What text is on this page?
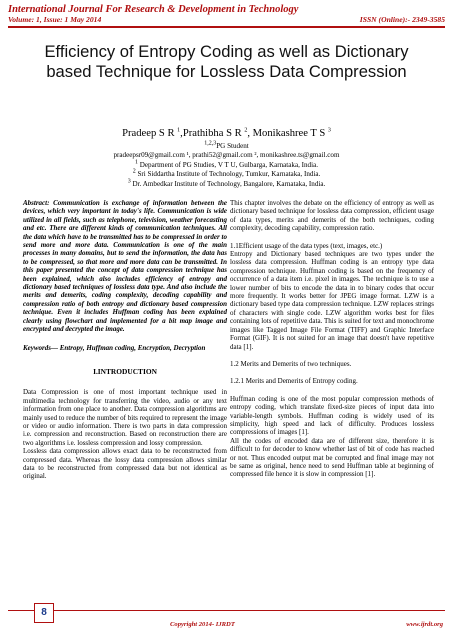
International Journal For Research & Development in Technology
Volume: 1, Issue: 1 May 2014	ISSN (Online):- 2349-3585
Efficiency of Entropy Coding as well as Dictionary based Technique for Lossless Data Compression
Pradeep S R $^1$,Prathibha S R $^2$, Monikashree T S $^3$
$^{1,2,3}$PG Student
pradeepsr09@gmail.com ¹, prathi52@gmail.com ², monikashree.ts@gmail.com
$^1$ Department of PG Studies, V T U, Gulbarga, Karnataka, India.
$^2$ Sri Siddartha Institute of Technology, Tumkur, Karnataka, India.
$^3$ Dr. Ambedkar Institute of Technology, Bangalore, Karnataka, India.

Abstract: Communication is exchange of information between the devices, which very important in today's life. Communication is wide utilized in all fields, such as telephone, television, weather forecasting and etc. There are different kinds of communication techniques. All the data which have to be transmitted has to be compressed in order to send more and more data. Communication is one of the main processes in many domains, but to send the information, the data has to be compressed, so that more and more data can be transmitted. In this paper presented the concept of data compression technique has been explained, which also includes efficiency of entropy and dictionary based techniques of lossless data type. And also include the merits and demerits, coding complexity, decoding capability and compression ratio of both entropy and dictionary based compression technique. Even it includes Huffman coding has been explained clearly using flowchart and implemented for a bit map image and encrypted and decrypted the image.

Keywords— Entropy, Huffman coding, Encryption, Decryption

I.INTRODUCTION

Data Compression is one of most important technique used in multimedia technology for transferring the video, audio or any text information from one place to another. Data compression algorithms are mainly used to reduce the number of bits required to represent the image or video or audio information. There is two parts in data compression i.e. compression and reconstruction. Based on reconstruction there are two algorithms i.e. lossless compression and lossy compression.

Lossless data compression allows exact data to be reconstructed from compressed data. Whereas the lossy data compression allows similar data to be reconstructed from compressed data but not identical as original.

This chapter involves the debate on the efficiency of entropy as well as dictionary based technique for lossless data compression, efficient usage of data types, merits and demerits of the both techniques, coding complexity, decoding capability, compression ratio.

1.1Efficient usage of the data types (text, images, etc.)

Entropy and Dictionary based techniques are two types under the lossless data compression. Huffman coding is an entropy type data compression technique. Huffman coding is based on the frequency of occurrence of a data item i.e. pixel in images. The technique is to use a lower number of bits to encode the data in to binary codes that occur more frequently. It works better for JPEG image format. LZW is a dictionary based type data compression technique. LZW replaces strings of characters with single code. LZW algorithm works best for files containing lots of repetitive data. This is suited for text and monochrome images like Tagged Image File Format (TIFF) and Graphic Interface Format (GIF). It is not suited for an image that doesn't have repetitive data [1].

1.2 Merits and Demerits of two techniques.

1.2.1 Merits and Demerits of Entropy coding.

Huffman coding is one of the most popular compression methods of entropy coding, which translate fixed-size pieces of input data into variable-length symbols. Huffman coding is widely used of its simplicity, high speed and lack of difficulty. Produces lossless compressions of images [1].

All the codes of encoded data are of different size, therefore it is difficult to for decoder to know whether last of bit of code has reached or not. Thus encoded output mat be corrupted and final image may not be same as original, hence need to send Huffman table at beginning of compressed file hence it is slow in compression [1].

8
Copyright 2014- IJRDT	www.ijrdt.org
